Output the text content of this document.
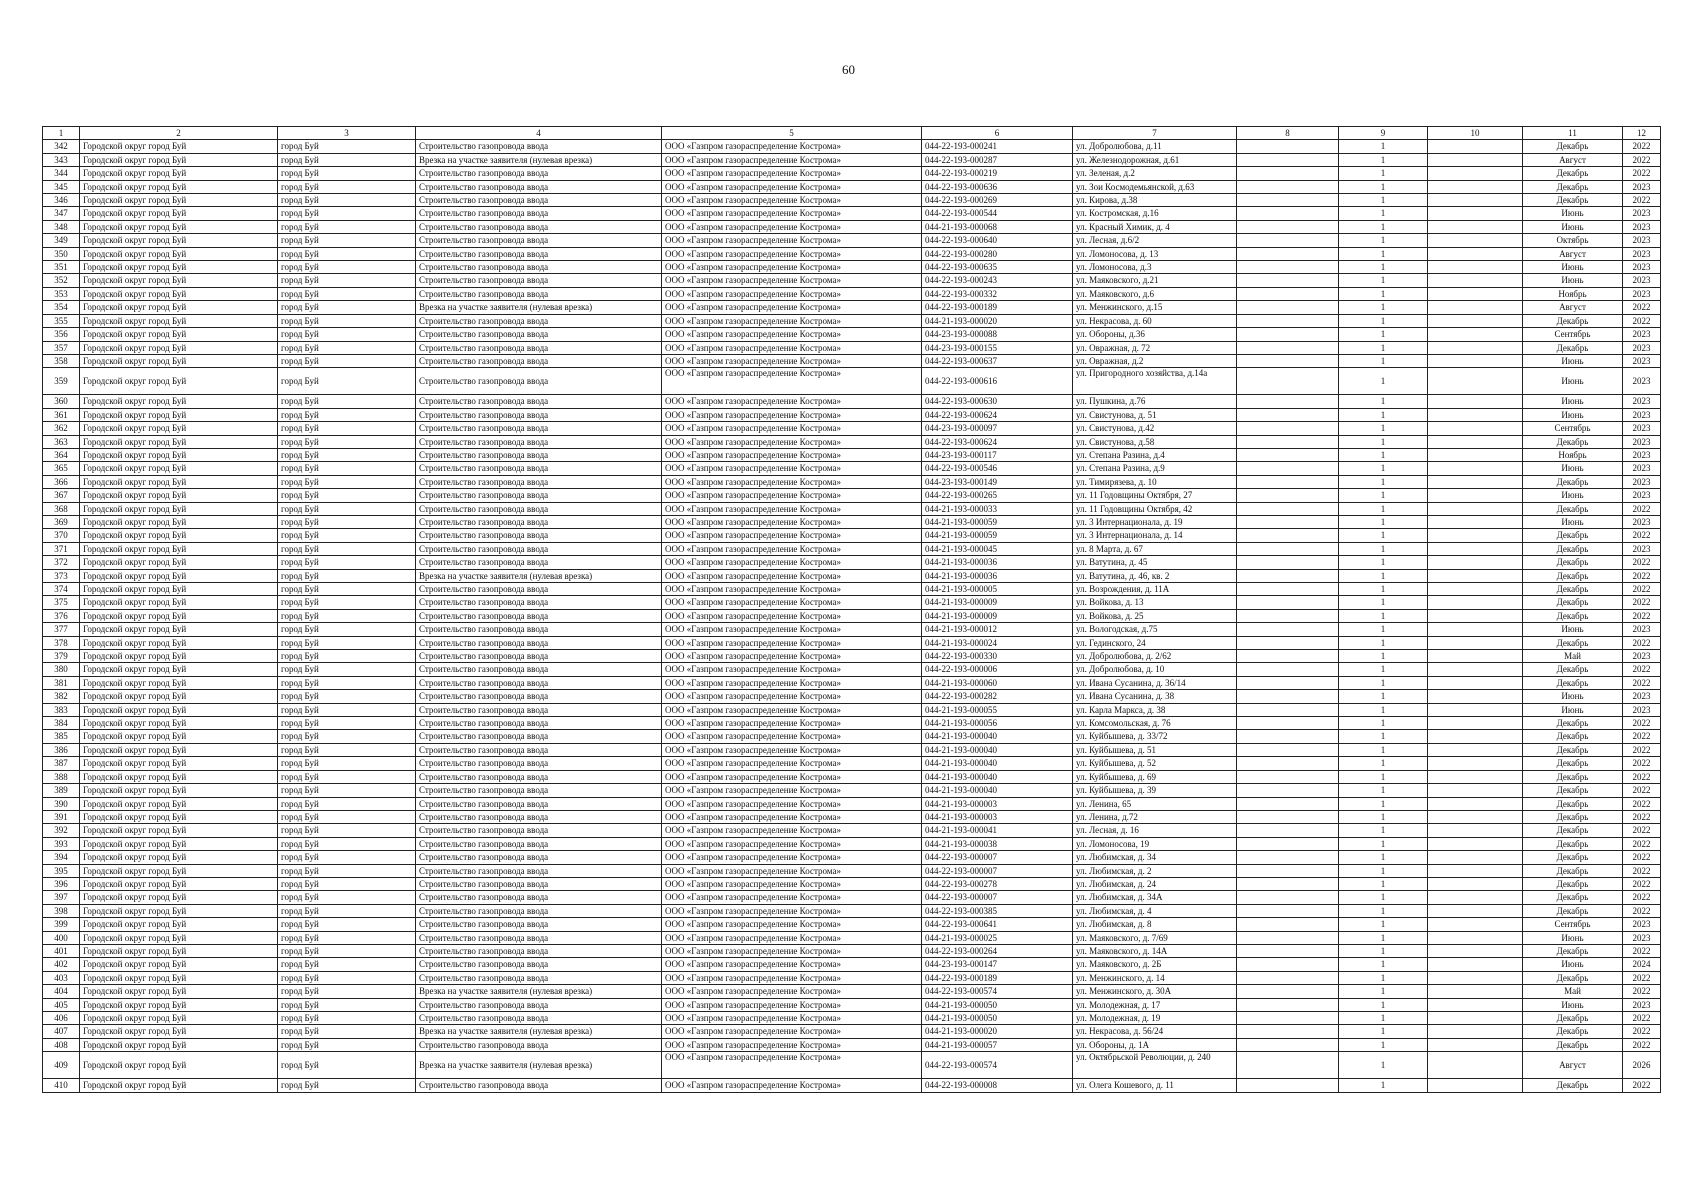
60
1	2	3	4	5	6	7	8	9	10	11	12
342	Городской округ город Буй	город Буй	Строительство газопровода ввода	ООО «Газпром газораспределение Кострома»	044-22-193-000241	ул. Добролюбова, д.11		1		Декабрь	2022
343	Городской округ город Буй	город Буй	Врезка на участке заявителя (нулевая врезка)	ООО «Газпром газораспределение Кострома»	044-22-193-000287	ул. Железнодорожная, д.61		1		Август	2022
344	Городской округ город Буй	город Буй	Строительство газопровода ввода	ООО «Газпром газораспределение Кострома»	044-22-193-000219	ул. Зеленая, д.2		1		Декабрь	2022
345	Городской округ город Буй	город Буй	Строительство газопровода ввода	ООО «Газпром газораспределение Кострома»	044-22-193-000636	ул. Зои Космодемьянской, д.63		1		Декабрь	2023
346	Городской округ город Буй	город Буй	Строительство газопровода ввода	ООО «Газпром газораспределение Кострома»	044-22-193-000269	ул. Кирова, д.38		1		Декабрь	2022
347	Городской округ город Буй	город Буй	Строительство газопровода ввода	ООО «Газпром газораспределение Кострома»	044-22-193-000544	ул. Костромская, д.16		1		Июнь	2023
348	Городской округ город Буй	город Буй	Строительство газопровода ввода	ООО «Газпром газораспределение Кострома»	044-21-193-000068	ул. Красный Химик, д. 4		1		Июнь	2023
349	Городской округ город Буй	город Буй	Строительство газопровода ввода	ООО «Газпром газораспределение Кострома»	044-22-193-000640	ул. Лесная, д.6/2		1		Октябрь	2023
350	Городской округ город Буй	город Буй	Строительство газопровода ввода	ООО «Газпром газораспределение Кострома»	044-22-193-000280	ул. Ломоносова, д. 13		1		Август	2023
351	Городской округ город Буй	город Буй	Строительство газопровода ввода	ООО «Газпром газораспределение Кострома»	044-22-193-000635	ул. Ломоносова, д.3		1		Июнь	2023
352	Городской округ город Буй	город Буй	Строительство газопровода ввода	ООО «Газпром газораспределение Кострома»	044-22-193-000243	ул. Маяковского, д.21		1		Июнь	2023
353	Городской округ город Буй	город Буй	Строительство газопровода ввода	ООО «Газпром газораспределение Кострома»	044-22-193-000332	ул. Маяковского, д.6		1		Ноябрь	2023
354	Городской округ город Буй	город Буй	Врезка на участке заявителя (нулевая врезка)	ООО «Газпром газораспределение Кострома»	044-22-193-000189	ул. Менжинского, д.15		1		Август	2022
355	Городской округ город Буй	город Буй	Строительство газопровода ввода	ООО «Газпром газораспределение Кострома»	044-21-193-000020	ул. Некрасова, д. 60		1		Декабрь	2022
356	Городской округ город Буй	город Буй	Строительство газопровода ввода	ООО «Газпром газораспределение Кострома»	044-23-193-000088	ул. Обороны, д.36		1		Сентябрь	2023
357	Городской округ город Буй	город Буй	Строительство газопровода ввода	ООО «Газпром газораспределение Кострома»	044-23-193-000155	ул. Овражная, д. 72		1		Декабрь	2023
358	Городской округ город Буй	город Буй	Строительство газопровода ввода	ООО «Газпром газораспределение Кострома»	044-22-193-000637	ул. Овражная, д.2		1		Июнь	2023
359	Городской округ город Буй	город Буй	Строительство газопровода ввода	ООО «Газпром газораспределение Кострома»	044-22-193-000616	ул. Пригородного хозяйства, д.14а		1		Июнь	2023
360	Городской округ город Буй	город Буй	Строительство газопровода ввода	ООО «Газпром газораспределение Кострома»	044-22-193-000630	ул. Пушкина, д.76		1		Июнь	2023
361	Городской округ город Буй	город Буй	Строительство газопровода ввода	ООО «Газпром газораспределение Кострома»	044-22-193-000624	ул. Свистунова, д. 51		1		Июнь	2023
362	Городской округ город Буй	город Буй	Строительство газопровода ввода	ООО «Газпром газораспределение Кострома»	044-23-193-000097	ул. Свистунова, д.42		1		Сентябрь	2023
363	Городской округ город Буй	город Буй	Строительство газопровода ввода	ООО «Газпром газораспределение Кострома»	044-22-193-000624	ул. Свистунова, д.58		1		Декабрь	2023
364	Городской округ город Буй	город Буй	Строительство газопровода ввода	ООО «Газпром газораспределение Кострома»	044-23-193-000117	ул. Степана Разина, д.4		1		Ноябрь	2023
365	Городской округ город Буй	город Буй	Строительство газопровода ввода	ООО «Газпром газораспределение Кострома»	044-22-193-000546	ул. Степана Разина, д.9		1		Июнь	2023
366	Городской округ город Буй	город Буй	Строительство газопровода ввода	ООО «Газпром газораспределение Кострома»	044-23-193-000149	ул. Тимирязева, д. 10		1		Декабрь	2023
367	Городской округ город Буй	город Буй	Строительство газопровода ввода	ООО «Газпром газораспределение Кострома»	044-22-193-000265	ул. 11 Годовщины Октября, 27		1		Июнь	2023
368	Городской округ город Буй	город Буй	Строительство газопровода ввода	ООО «Газпром газораспределение Кострома»	044-21-193-000033	ул. 11 Годовщины Октября, 42		1		Декабрь	2022
369	Городской округ город Буй	город Буй	Строительство газопровода ввода	ООО «Газпром газораспределение Кострома»	044-21-193-000059	ул. 3 Интернационала, д. 19		1		Июнь	2023
370	Городской округ город Буй	город Буй	Строительство газопровода ввода	ООО «Газпром газораспределение Кострома»	044-21-193-000059	ул. 3 Интернационала, д. 14		1		Декабрь	2022
371	Городской округ город Буй	город Буй	Строительство газопровода ввода	ООО «Газпром газораспределение Кострома»	044-21-193-000045	ул. 8 Марта, д. 67		1		Декабрь	2023
372	Городской округ город Буй	город Буй	Строительство газопровода ввода	ООО «Газпром газораспределение Кострома»	044-21-193-000036	ул. Ватутина, д. 45		1		Декабрь	2022
373	Городской округ город Буй	город Буй	Врезка на участке заявителя (нулевая врезка)	ООО «Газпром газораспределение Кострома»	044-21-193-000036	ул. Ватутина, д. 46, кв. 2		1		Декабрь	2022
374	Городской округ город Буй	город Буй	Строительство газопровода ввода	ООО «Газпром газораспределение Кострома»	044-21-193-000005	ул. Возрождения, д. 11А		1		Декабрь	2022
375	Городской округ город Буй	город Буй	Строительство газопровода ввода	ООО «Газпром газораспределение Кострома»	044-21-193-000009	ул. Войкова, д. 13		1		Декабрь	2022
376	Городской округ город Буй	город Буй	Строительство газопровода ввода	ООО «Газпром газораспределение Кострома»	044-21-193-000009	ул. Войкова, д. 25		1		Декабрь	2022
377	Городской округ город Буй	город Буй	Строительство газопровода ввода	ООО «Газпром газораспределение Кострома»	044-21-193-000012	ул. Вологодская, д.75		1		Июнь	2023
378	Городской округ город Буй	город Буй	Строительство газопровода ввода	ООО «Газпром газораспределение Кострома»	044-21-193-000024	ул. Гединского, 24		1		Декабрь	2022
379	Городской округ город Буй	город Буй	Строительство газопровода ввода	ООО «Газпром газораспределение Кострома»	044-22-193-000330	ул. Добролюбова, д. 2/62		1		Май	2023
380	Городской округ город Буй	город Буй	Строительство газопровода ввода	ООО «Газпром газораспределение Кострома»	044-22-193-000006	ул. Добролюбова, д. 10		1		Декабрь	2022
381	Городской округ город Буй	город Буй	Строительство газопровода ввода	ООО «Газпром газораспределение Кострома»	044-21-193-000060	ул. Ивана Сусанина, д. 36/14		1		Декабрь	2022
382	Городской округ город Буй	город Буй	Строительство газопровода ввода	ООО «Газпром газораспределение Кострома»	044-22-193-000282	ул. Ивана Сусанина, д. 38		1		Июнь	2023
383	Городской округ город Буй	город Буй	Строительство газопровода ввода	ООО «Газпром газораспределение Кострома»	044-21-193-000055	ул. Карла Маркса, д. 38		1		Июнь	2023
384	Городской округ город Буй	город Буй	Строительство газопровода ввода	ООО «Газпром газораспределение Кострома»	044-21-193-000056	ул. Комсомольская, д. 76		1		Декабрь	2022
385	Городской округ город Буй	город Буй	Строительство газопровода ввода	ООО «Газпром газораспределение Кострома»	044-21-193-000040	ул. Куйбышева, д. 33/72		1		Декабрь	2022
386	Городской округ город Буй	город Буй	Строительство газопровода ввода	ООО «Газпром газораспределение Кострома»	044-21-193-000040	ул. Куйбышева, д. 51		1		Декабрь	2022
387	Городской округ город Буй	город Буй	Строительство газопровода ввода	ООО «Газпром газораспределение Кострома»	044-21-193-000040	ул. Куйбышева, д. 52		1		Декабрь	2022
388	Городской округ город Буй	город Буй	Строительство газопровода ввода	ООО «Газпром газораспределение Кострома»	044-21-193-000040	ул. Куйбышева, д. 69		1		Декабрь	2022
389	Городской округ город Буй	город Буй	Строительство газопровода ввода	ООО «Газпром газораспределение Кострома»	044-21-193-000040	ул. Куйбышева, д. 39		1		Декабрь	2022
390	Городской округ город Буй	город Буй	Строительство газопровода ввода	ООО «Газпром газораспределение Кострома»	044-21-193-000003	ул. Ленина, 65		1		Декабрь	2022
391	Городской округ город Буй	город Буй	Строительство газопровода ввода	ООО «Газпром газораспределение Кострома»	044-21-193-000003	ул. Ленина, д.72		1		Декабрь	2022
392	Городской округ город Буй	город Буй	Строительство газопровода ввода	ООО «Газпром газораспределение Кострома»	044-21-193-000041	ул. Лесная, д. 16		1		Декабрь	2022
393	Городской округ город Буй	город Буй	Строительство газопровода ввода	ООО «Газпром газораспределение Кострома»	044-21-193-000038	ул. Ломоносова, 19		1		Декабрь	2022
394	Городской округ город Буй	город Буй	Строительство газопровода ввода	ООО «Газпром газораспределение Кострома»	044-22-193-000007	ул. Любимская, д. 34		1		Декабрь	2022
395	Городской округ город Буй	город Буй	Строительство газопровода ввода	ООО «Газпром газораспределение Кострома»	044-22-193-000007	ул. Любимская, д. 2		1		Декабрь	2022
396	Городской округ город Буй	город Буй	Строительство газопровода ввода	ООО «Газпром газораспределение Кострома»	044-22-193-000278	ул. Любимская, д. 24		1		Декабрь	2022
397	Городской округ город Буй	город Буй	Строительство газопровода ввода	ООО «Газпром газораспределение Кострома»	044-22-193-000007	ул. Любимская, д. 34А		1		Декабрь	2022
398	Городской округ город Буй	город Буй	Строительство газопровода ввода	ООО «Газпром газораспределение Кострома»	044-22-193-000385	ул. Любимская, д. 4		1		Декабрь	2022
399	Городской округ город Буй	город Буй	Строительство газопровода ввода	ООО «Газпром газораспределение Кострома»	044-22-193-000641	ул. Любимская, д. 8		1		Сентябрь	2023
400	Городской округ город Буй	город Буй	Строительство газопровода ввода	ООО «Газпром газораспределение Кострома»	044-21-193-000025	ул. Маяковского, д. 7/69		1		Июнь	2023
401	Городской округ город Буй	город Буй	Строительство газопровода ввода	ООО «Газпром газораспределение Кострома»	044-22-193-000264	ул. Маяковского, д. 14А		1		Декабрь	2022
402	Городской округ город Буй	город Буй	Строительство газопровода ввода	ООО «Газпром газораспределение Кострома»	044-23-193-000147	ул. Маяковского, д. 2Б		1		Июнь	2024
403	Городской округ город Буй	город Буй	Строительство газопровода ввода	ООО «Газпром газораспределение Кострома»	044-22-193-000189	ул. Менжинского, д. 14		1		Декабрь	2022
404	Городской округ город Буй	город Буй	Врезка на участке заявителя (нулевая врезка)	ООО «Газпром газораспределение Кострома»	044-22-193-000574	ул. Менжинского, д. 30А		1		Май	2022
405	Городской округ город Буй	город Буй	Строительство газопровода ввода	ООО «Газпром газораспределение Кострома»	044-21-193-000050	ул. Молодежная, д. 17		1		Июнь	2023
406	Городской округ город Буй	город Буй	Строительство газопровода ввода	ООО «Газпром газораспределение Кострома»	044-21-193-000050	ул. Молодежная, д. 19		1		Декабрь	2022
407	Городской округ город Буй	город Буй	Врезка на участке заявителя (нулевая врезка)	ООО «Газпром газораспределение Кострома»	044-21-193-000020	ул. Некрасова, д. 56/24		1		Декабрь	2022
408	Городской округ город Буй	город Буй	Строительство газопровода ввода	ООО «Газпром газораспределение Кострома»	044-21-193-000057	ул. Обороны, д. 1А		1		Декабрь	2022
409	Городской округ город Буй	город Буй	Врезка на участке заявителя (нулевая врезка)	ООО «Газпром газораспределение Кострома»	044-22-193-000574	ул. Октябрьской Революции, д. 240		1		Август	2026
410	Городской округ город Буй	город Буй	Строительство газопровода ввода	ООО «Газпром газораспределение Кострома»	044-22-193-000008	ул. Олега Кошевого, д. 11		1		Декабрь	2022
